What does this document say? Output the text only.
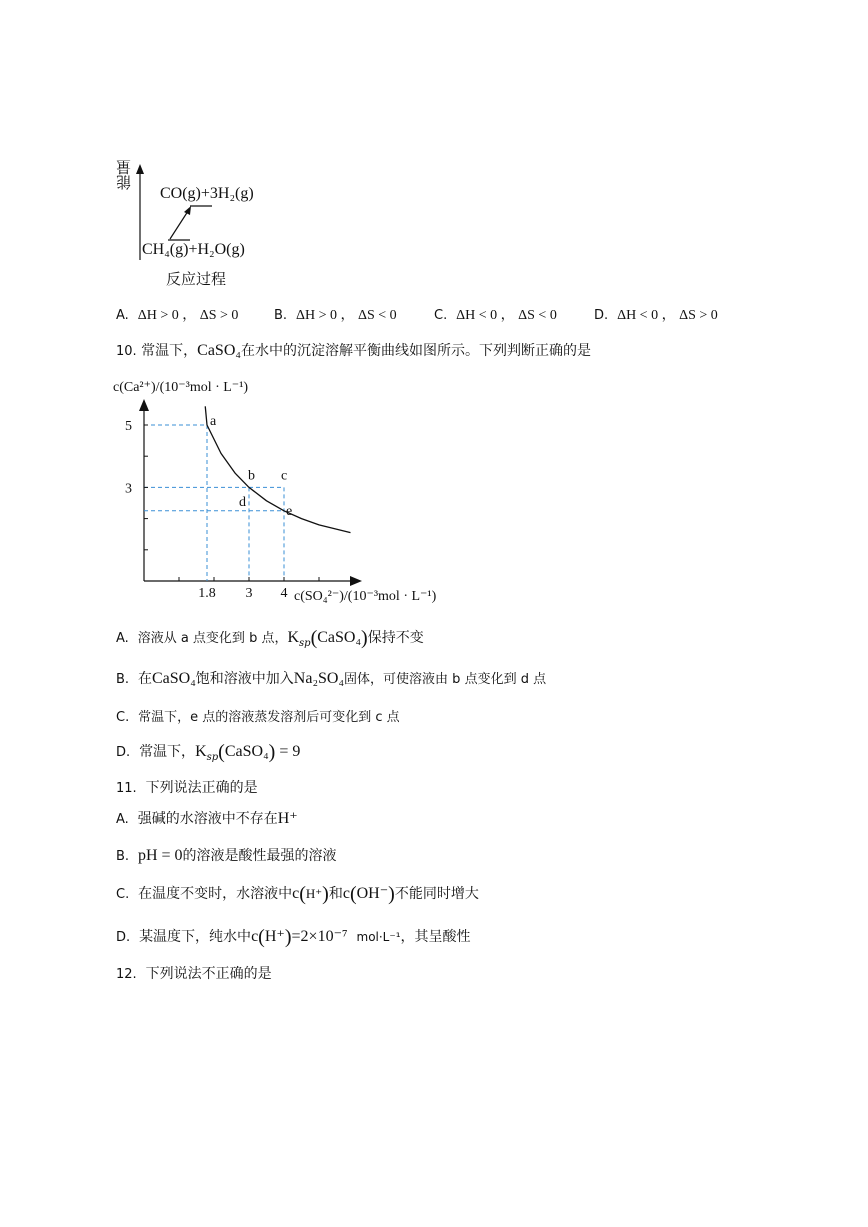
能量
CO(g)+3H₂(g)
CH₄(g)+H₂O(g)
反应过程
A. ΔH > 0 ， ΔS > 0	B. ΔH > 0 ， ΔS < 0	C. ΔH < 0 ， ΔS < 0	D. ΔH < 0 ， ΔS > 0
10. 常温下，CaSO₄在水中的沉淀溶解平衡曲线如图所示。下列判断正确的是
c(Ca²⁺)/(10⁻³mol · L⁻¹)
a
b c
d
e
1.8 3 4
5
3
c(SO₄²⁻)/(10⁻³mol · L⁻¹)
A. 溶液从 a 点变化到 b 点，$K_{sp}(CaSO_4)$保持不变
B. 在CaSO₄饱和溶液中加入Na₂SO₄固体，可使溶液由 b 点变化到 d 点
C. 常温下，e 点的溶液蒸发溶剂后可变化到 c 点
D. 常温下，$K_{sp}(CaSO_4) = 9$
11. 下列说法正确的是
A. 强碱的水溶液中不存在H⁺
B. pH = 0的溶液是酸性最强的溶液
C. 在温度不变时，水溶液中c(H⁺)和c(OH⁻)不能同时增大
D. 某温度下，纯水中c(H⁺)=2×10⁻⁷ mol·L⁻¹，其呈酸性
12. 下列说法不正确的是
